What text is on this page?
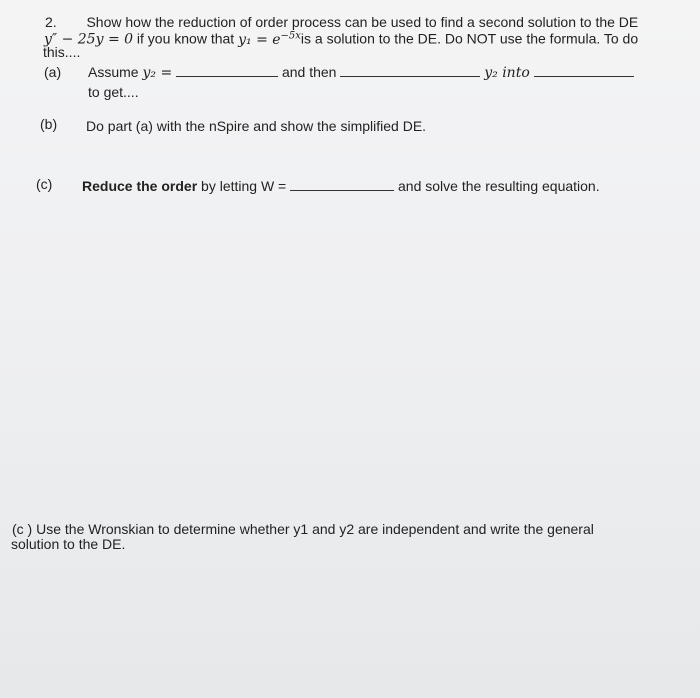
2. Show how the reduction of order process can be used to find a second solution to the DE
y″ − 25y = 0 if you know that $y_1 = e^{-5x}is$ a solution to the DE. Do NOT use the formula. To do
this....
(a) Assume y₂ =	and then	y₂ into
to get....
(b) Do part (a) with the nSpire and show the simplified DE.
(c) Reduce the order by letting W =	and solve the resulting equation.
(c ) Use the Wronskian to determine whether y1 and y2 are independent and write the general
solution to the DE.
